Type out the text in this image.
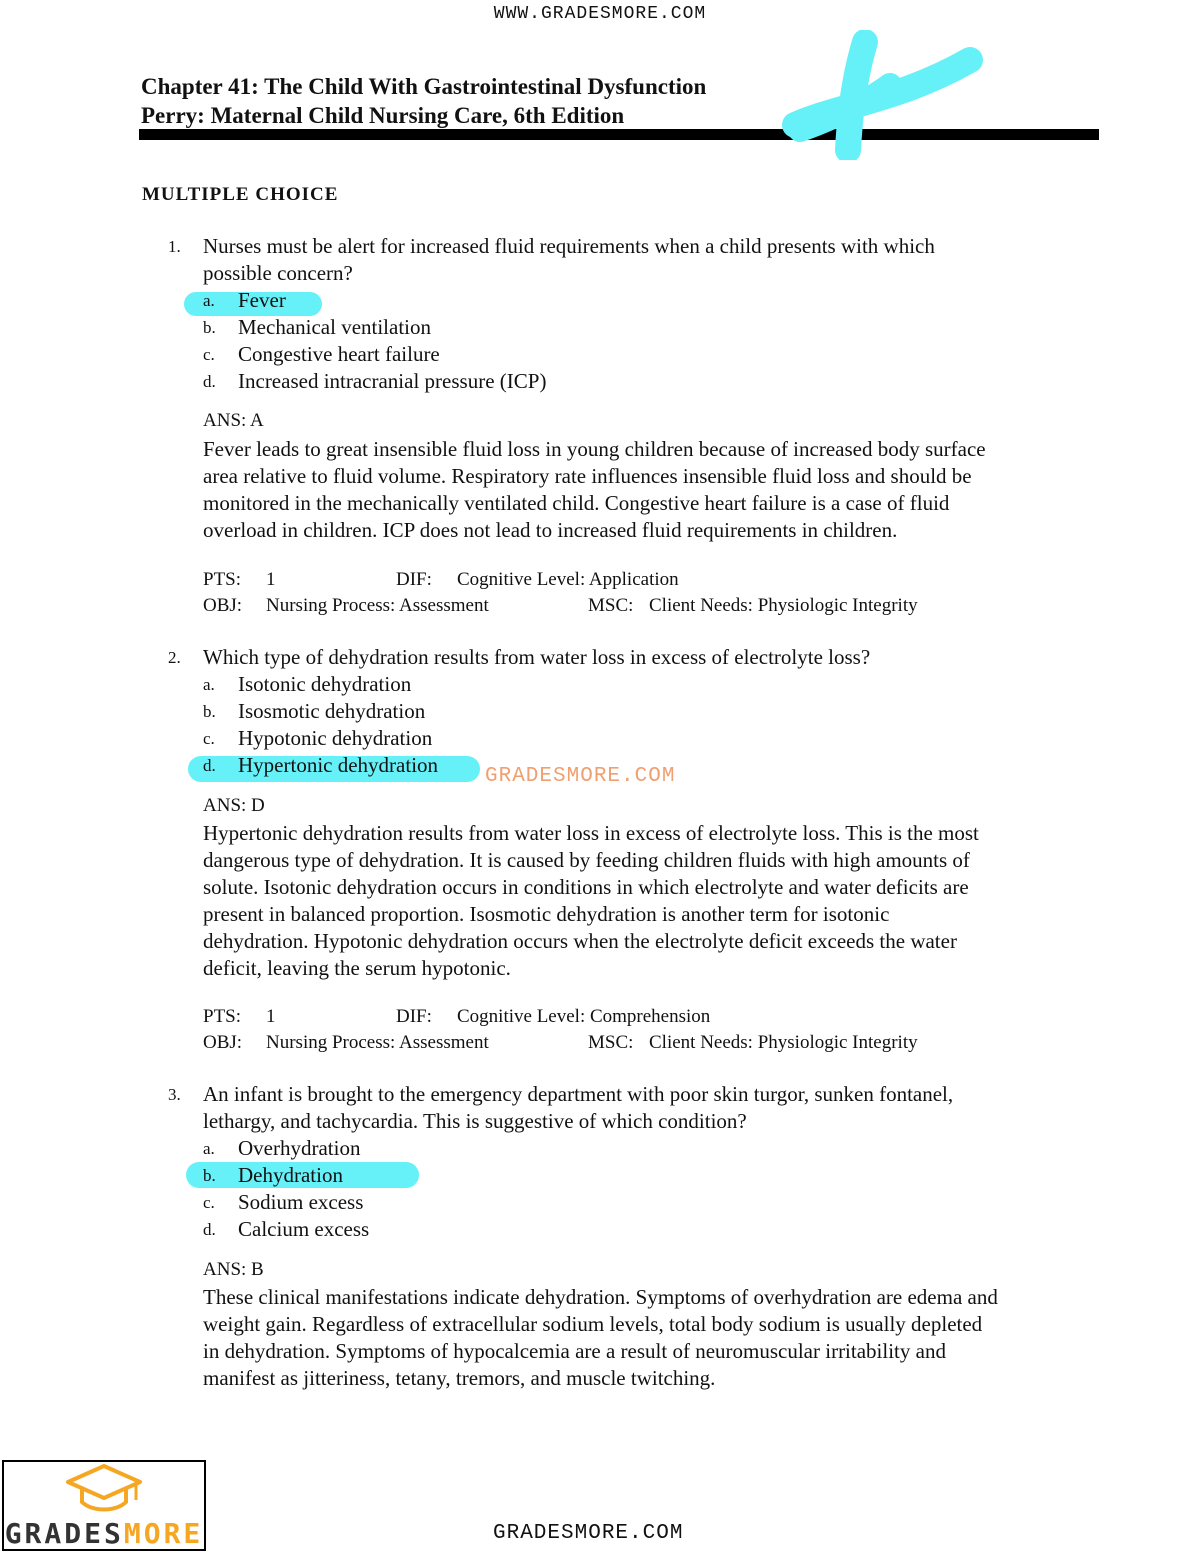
WWW.GRADESMORE.COM
Chapter 41: The Child With Gastrointestinal Dysfunction
Perry: Maternal Child Nursing Care, 6th Edition
MULTIPLE CHOICE
1. Nurses must be alert for increased fluid requirements when a child presents with which
possible concern?
a. Fever
b. Mechanical ventilation
c. Congestive heart failure
d. Increased intracranial pressure (ICP)
ANS: A
Fever leads to great insensible fluid loss in young children because of increased body surface
area relative to fluid volume. Respiratory rate influences insensible fluid loss and should be
monitored in the mechanically ventilated child. Congestive heart failure is a case of fluid
overload in children. ICP does not lead to increased fluid requirements in children.
PTS: 1	DIF: Cognitive Level: Application
OBJ: Nursing Process: Assessment	MSC: Client Needs: Physiologic Integrity
2. Which type of dehydration results from water loss in excess of electrolyte loss?
a. Isotonic dehydration
b. Isosmotic dehydration
c. Hypotonic dehydration
d. Hypertonic dehydration GRADESMORE.COM
ANS: D
Hypertonic dehydration results from water loss in excess of electrolyte loss. This is the most
dangerous type of dehydration. It is caused by feeding children fluids with high amounts of
solute. Isotonic dehydration occurs in conditions in which electrolyte and water deficits are
present in balanced proportion. Isosmotic dehydration is another term for isotonic
dehydration. Hypotonic dehydration occurs when the electrolyte deficit exceeds the water
deficit, leaving the serum hypotonic.
PTS: 1	DIF: Cognitive Level: Comprehension
OBJ: Nursing Process: Assessment	MSC: Client Needs: Physiologic Integrity
3. An infant is brought to the emergency department with poor skin turgor, sunken fontanel,
lethargy, and tachycardia. This is suggestive of which condition?
a. Overhydration
b. Dehydration
c. Sodium excess
d. Calcium excess
ANS: B
These clinical manifestations indicate dehydration. Symptoms of overhydration are edema and
weight gain. Regardless of extracellular sodium levels, total body sodium is usually depleted
in dehydration. Symptoms of hypocalcemia are a result of neuromuscular irritability and
manifest as jitteriness, tetany, tremors, and muscle twitching.
GRADESMORE	GRADESMORE.COM
